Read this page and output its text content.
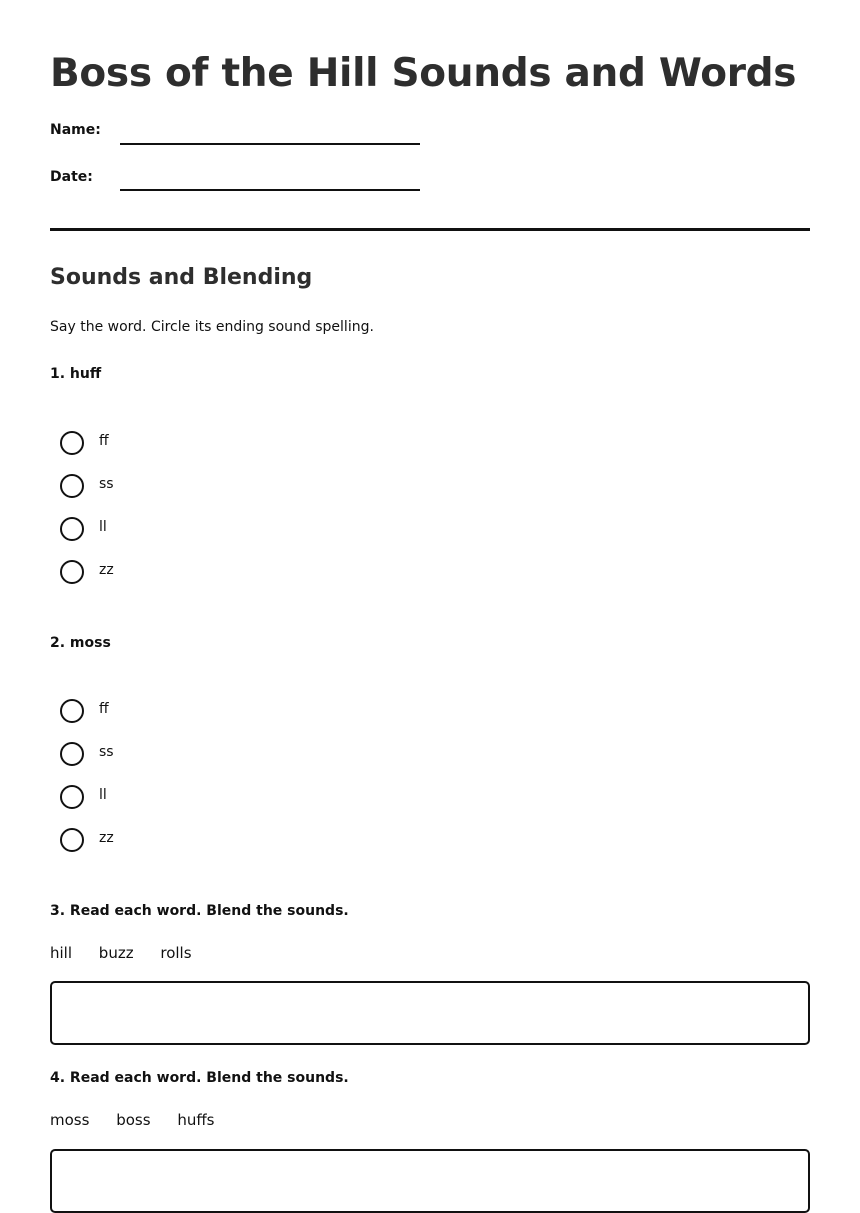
Boss of the Hill Sounds and Words
Name:
Date:
Sounds and Blending
Say the word. Circle its ending sound spelling.
1. huff
ff
ss
ll
zz
2. moss
ff
ss
ll
zz
3. Read each word. Blend the sounds.
hill buzz rolls
4. Read each word. Blend the sounds.
moss boss huffs
